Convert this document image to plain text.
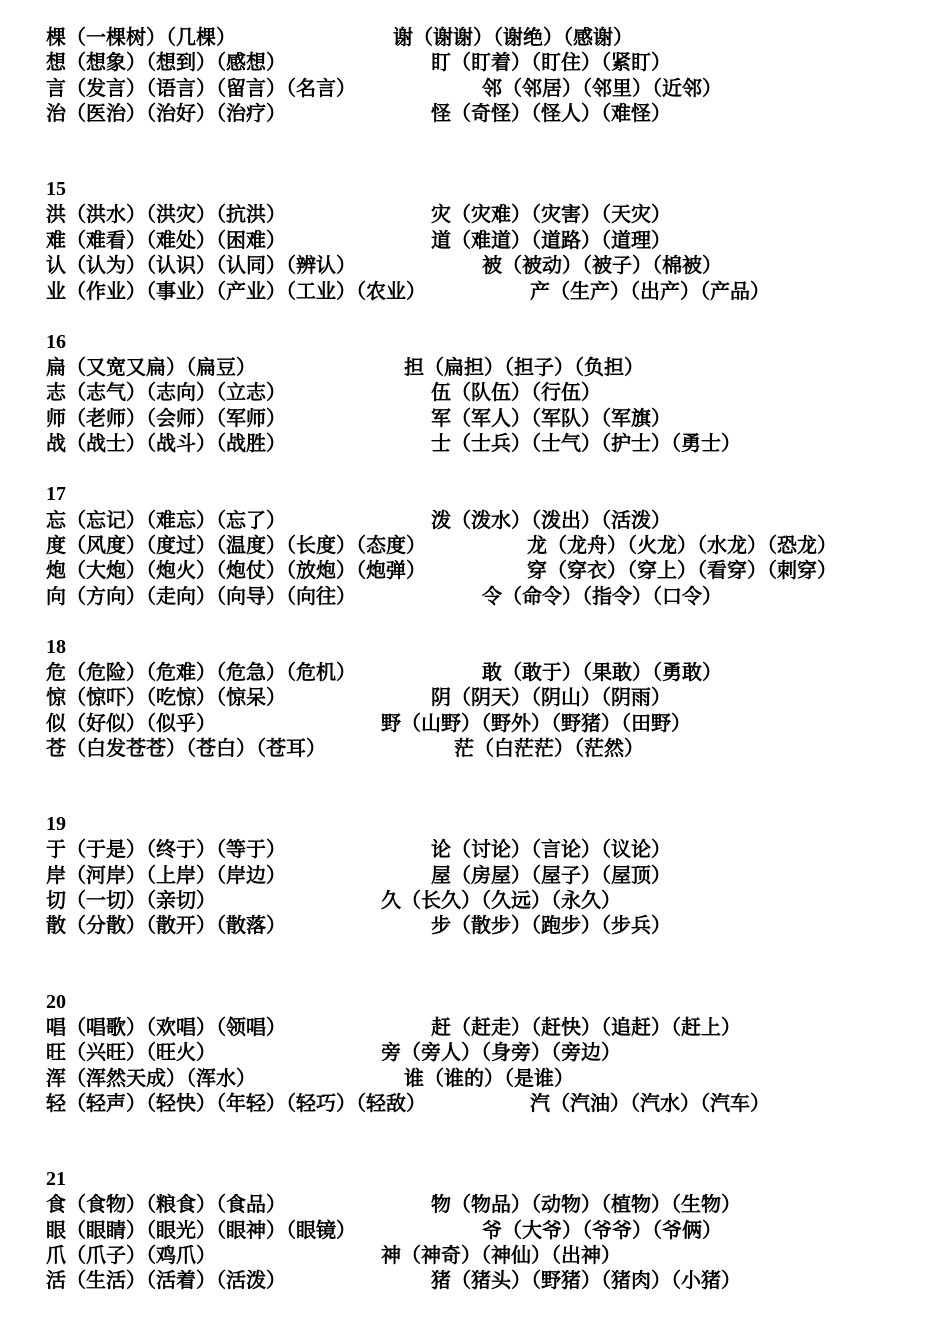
棵（一棵树）（几棵）	谢（谢谢）（谢绝）（感谢）
想（想象）（想到）（感想）	盯（盯着）（盯住）（紧盯）
言（发言）（语言）（留言）（名言）	邻（邻居）（邻里）（近邻）
治（医治）（治好）（治疗）	怪（奇怪）（怪人）（难怪）
15
洪（洪水）（洪灾）（抗洪）	灾（灾难）（灾害）（天灾）
难（难看）（难处）（困难）	道（难道）（道路）（道理）
认（认为）（认识）（认同）（辨认）	被（被动）（被子）（棉被）
业（作业）（事业）（产业）（工业）（农业）	产（生产）（出产）（产品）
16
扁（又宽又扁）（扁豆）	担（扁担）（担子）（负担）
志（志气）（志向）（立志）	伍（队伍）（行伍）
师（老师）（会师）（军师）	军（军人）（军队）（军旗）
战（战士）（战斗）（战胜）	士（士兵）（士气）（护士）（勇士）
17
忘（忘记）（难忘）（忘了）	泼（泼水）（泼出）（活泼）
度（风度）（度过）（温度）（长度）（态度）	龙（龙舟）（火龙）（水龙）（恐龙）
炮（大炮）（炮火）（炮仗）（放炮）（炮弹）	穿（穿衣）（穿上）（看穿）（刺穿）
向（方向）（走向）（向导）（向往）	令（命令）（指令）（口令）
18
危（危险）（危难）（危急）（危机）	敢（敢于）（果敢）（勇敢）
惊（惊吓）（吃惊）（惊呆）	阴（阴天）（阴山）（阴雨）
似（好似）（似乎）	野（山野）（野外）（野猪）（田野）
苍（白发苍苍）（苍白）（苍耳）	茫（白茫茫）（茫然）
19
于（于是）（终于）（等于）	论（讨论）（言论）（议论）
岸（河岸）（上岸）（岸边）	屋（房屋）（屋子）（屋顶）
切（一切）（亲切）	久（长久）（久远）（永久）
散（分散）（散开）（散落）	步（散步）（跑步）（步兵）
20
唱（唱歌）（欢唱）（领唱）	赶（赶走）（赶快）（追赶）（赶上）
旺（兴旺）（旺火）	旁（旁人）（身旁）（旁边）
浑（浑然天成）（浑水）	谁（谁的）（是谁）
轻（轻声）（轻快）（年轻）（轻巧）（轻敌）	汽（汽油）（汽水）（汽车）
21
食（食物）（粮食）（食品）	物（物品）（动物）（植物）（生物）
眼（眼睛）（眼光）（眼神）（眼镜）	爷（大爷）（爷爷）（爷俩）
爪（爪子）（鸡爪）	神（神奇）（神仙）（出神）
活（生活）（活着）（活泼）	猪（猪头）（野猪）（猪肉）（小猪）
